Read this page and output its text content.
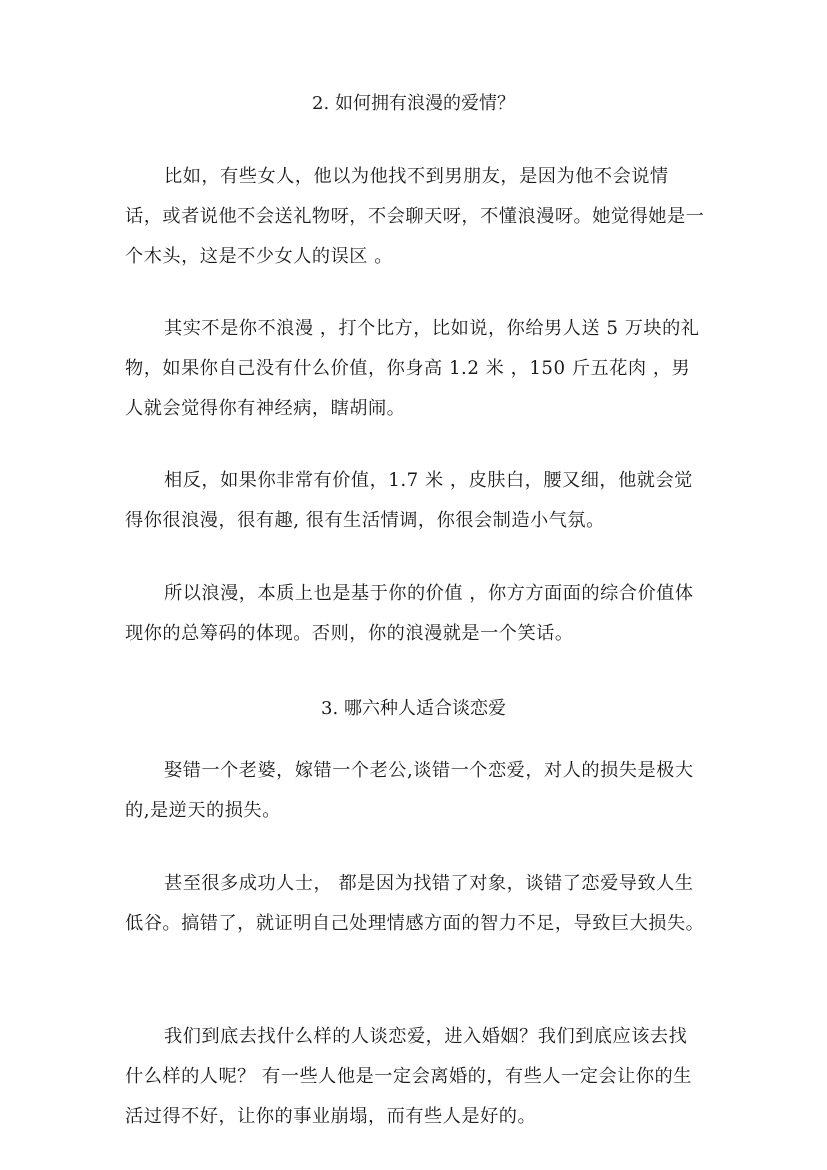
2. 如何拥有浪漫的爱情？
比如，有些女人，他以为他找不到男朋友，是因为他不会说情话，或者说他不会送礼物呀，不会聊天呀，不懂浪漫呀。她觉得她是一个木头，这是不少女人的误区 。
其实不是你不浪漫 ，打个比方，比如说，你给男人送 5 万块的礼物，如果你自己没有什么价值，你身高 1.2 米 ，150 斤五花肉 ，男人就会觉得你有神经病，瞎胡闹。
相反，如果你非常有价值，1.7 米 ，皮肤白，腰又细，他就会觉得你很浪漫，很有趣, 很有生活情调，你很会制造小气氛。
所以浪漫，本质上也是基于你的价值 ，你方方面面的综合价值体现你的总筹码的体现。否则，你的浪漫就是一个笑话。
3. 哪六种人适合谈恋爱
娶错一个老婆，嫁错一个老公,谈错一个恋爱，对人的损失是极大的,是逆天的损失。
甚至很多成功人士， 都是因为找错了对象，谈错了恋爱导致人生低谷。搞错了，就证明自己处理情感方面的智力不足，导致巨大损失。
我们到底去找什么样的人谈恋爱，进入婚姻？我们到底应该去找什么样的人呢？ 有一些人他是一定会离婚的，有些人一定会让你的生活过得不好，让你的事业崩塌，而有些人是好的。
